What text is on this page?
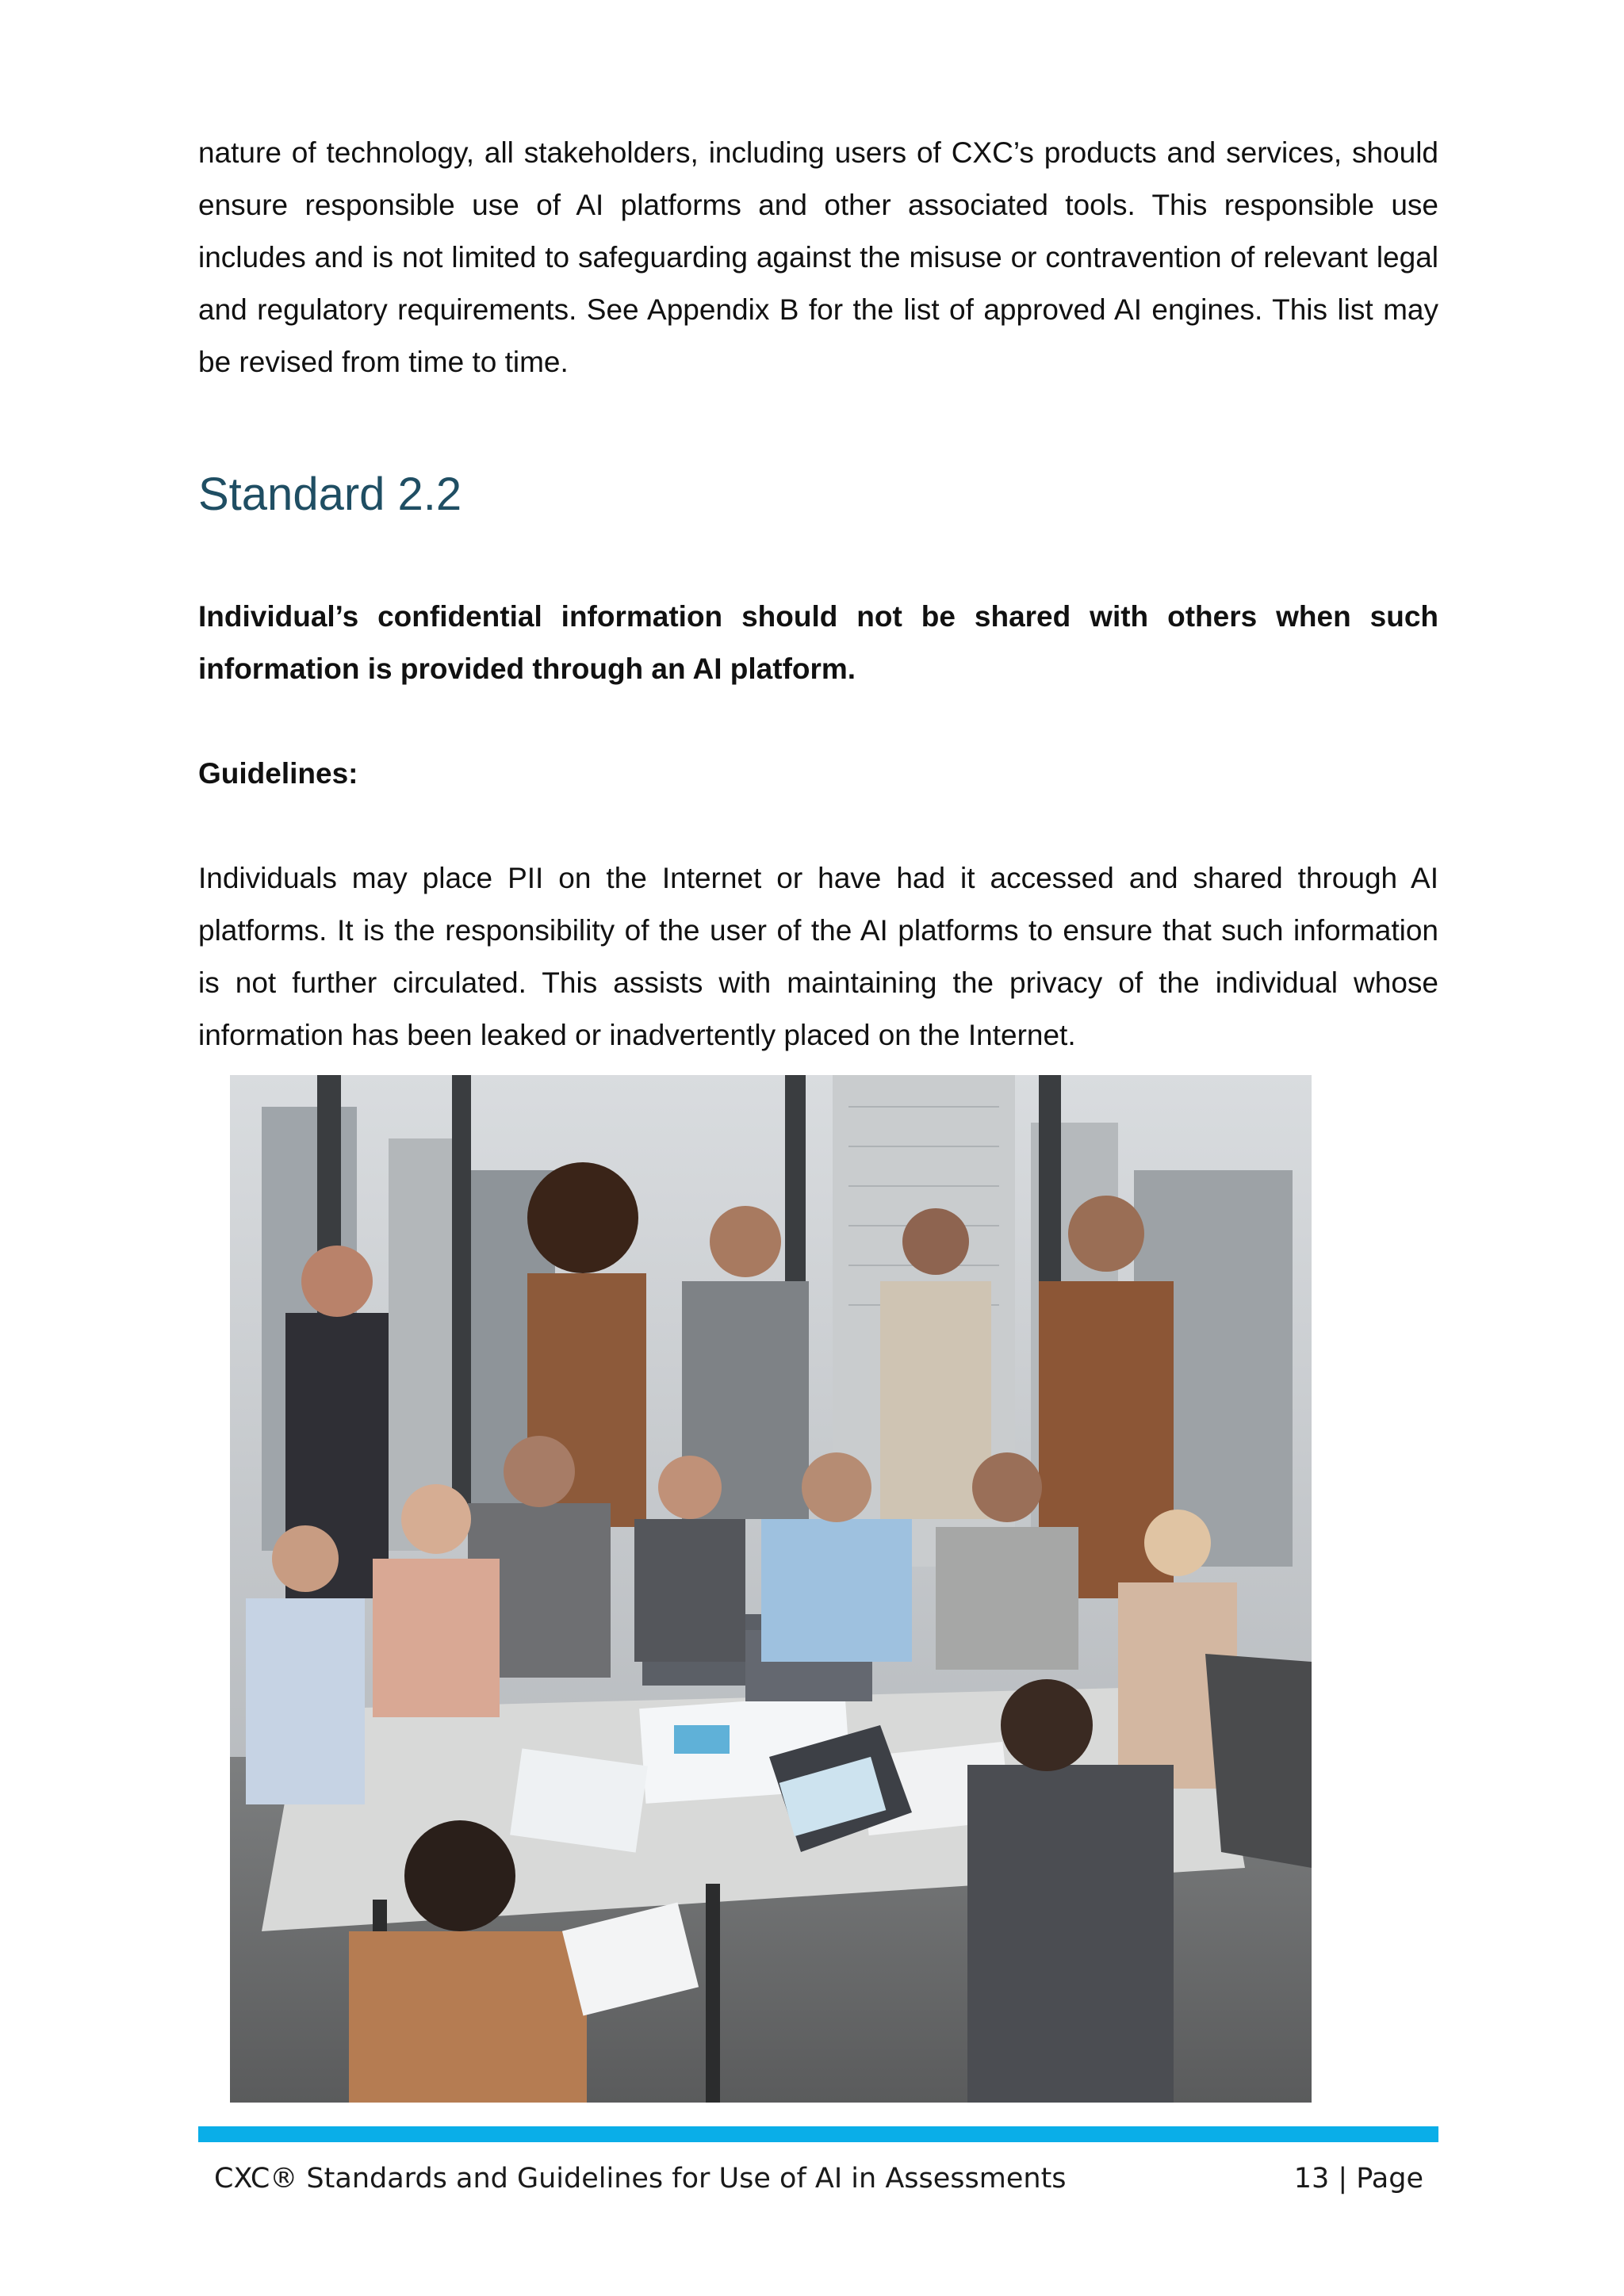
nature of technology, all stakeholders, including users of CXC’s products and services, should ensure responsible use of AI platforms and other associated tools. This responsible use includes and is not limited to safeguarding against the misuse or contravention of relevant legal and regulatory requirements. See Appendix B for the list of approved AI engines. This list may be revised from time to time.

Standard 2.2

Individual’s confidential information should not be shared with others when such information is provided through an AI platform.

Guidelines:

Individuals may place PII on the Internet or have had it accessed and shared through AI platforms. It is the responsibility of the user of the AI platforms to ensure that such information is not further circulated. This assists with maintaining the privacy of the individual whose information has been leaked or inadvertently placed on the Internet.

CXC® Standards and Guidelines for Use of AI in Assessments	13 | Page
